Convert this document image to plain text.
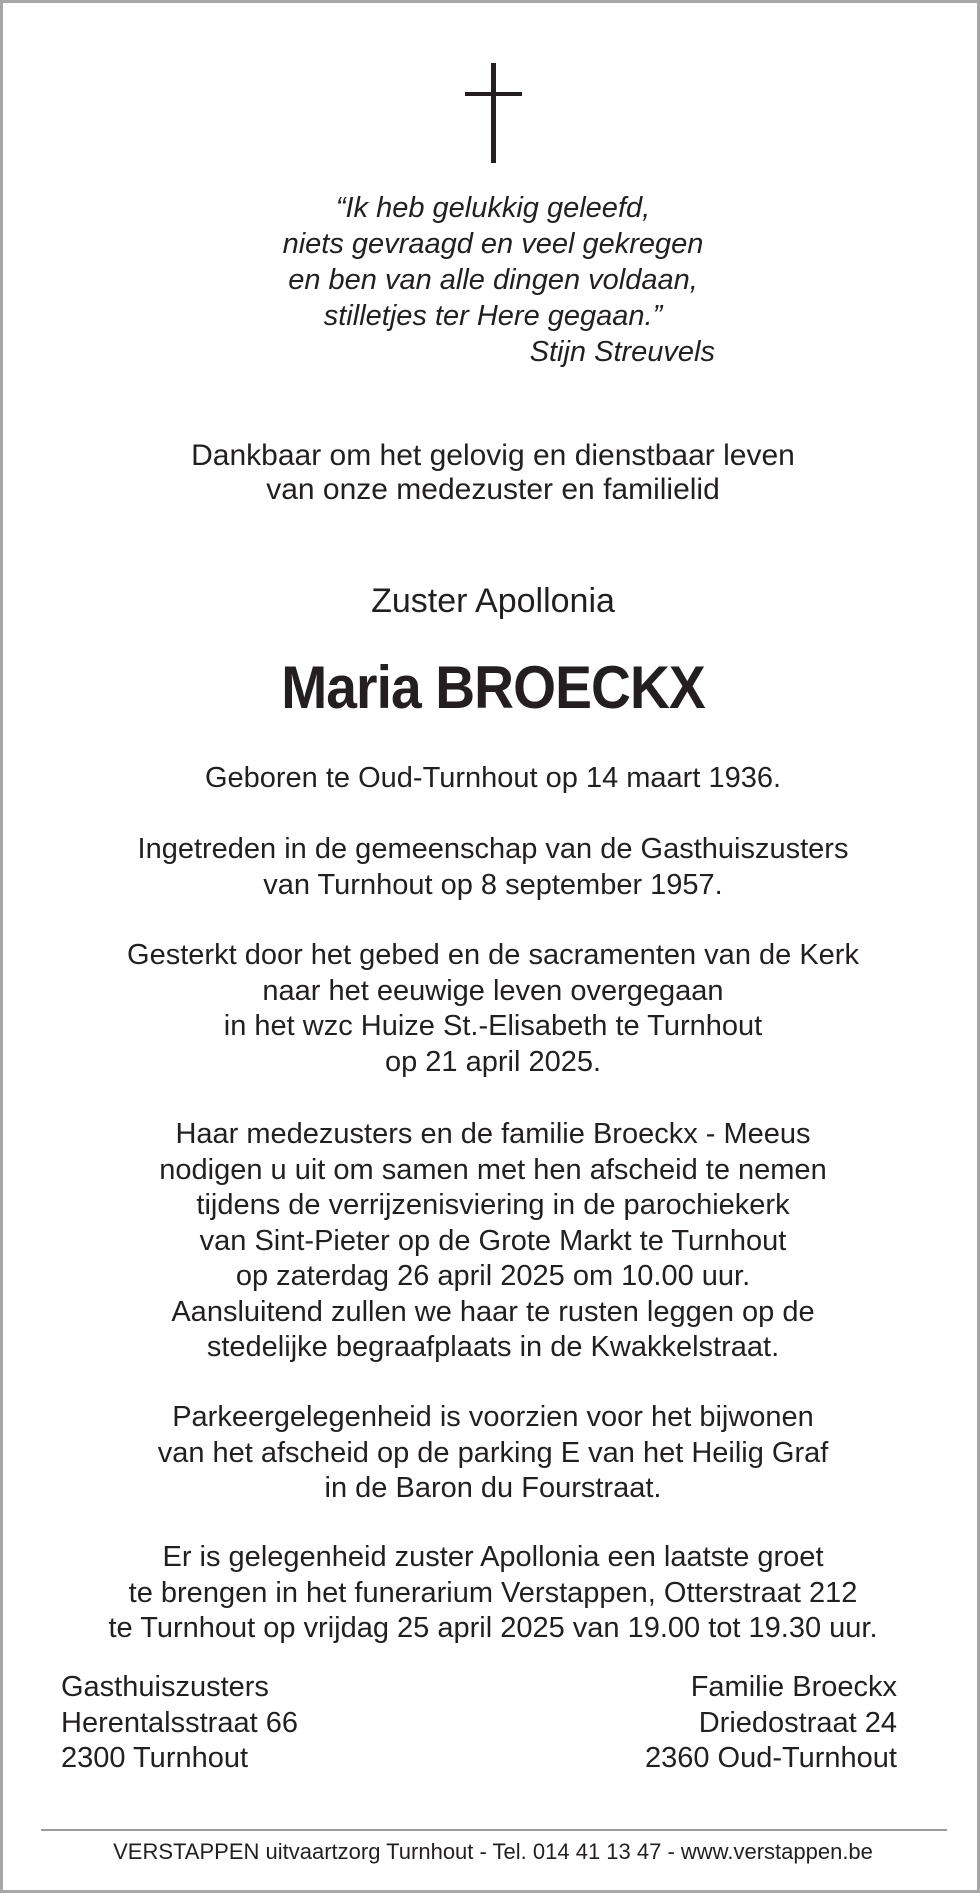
“Ik heb gelukkig geleefd,
niets gevraagd en veel gekregen
en ben van alle dingen voldaan,
stilletjes ter Here gegaan.”
Stijn Streuvels
Dankbaar om het gelovig en dienstbaar leven
van onze medezuster en familielid
Zuster Apollonia
Maria BROECKX
Geboren te Oud-Turnhout op 14 maart 1936.
Ingetreden in de gemeenschap van de Gasthuiszusters
van Turnhout op 8 september 1957.
Gesterkt door het gebed en de sacramenten van de Kerk
naar het eeuwige leven overgegaan
in het wzc Huize St.-Elisabeth te Turnhout
op 21 april 2025.
Haar medezusters en de familie Broeckx - Meeus
nodigen u uit om samen met hen afscheid te nemen
tijdens de verrijzenisviering in de parochiekerk
van Sint-Pieter op de Grote Markt te Turnhout
op zaterdag 26 april 2025 om 10.00 uur.
Aansluitend zullen we haar te rusten leggen op de
stedelijke begraafplaats in de Kwakkelstraat.
Parkeergelegenheid is voorzien voor het bijwonen
van het afscheid op de parking E van het Heilig Graf
in de Baron du Fourstraat.
Er is gelegenheid zuster Apollonia een laatste groet
te brengen in het funerarium Verstappen, Otterstraat 212
te Turnhout op vrijdag 25 april 2025 van 19.00 tot 19.30 uur.
Gasthuiszusters
Herentalsstraat 66
2300 Turnhout
Familie Broeckx
Driedostraat 24
2360 Oud-Turnhout
VERSTAPPEN uitvaartzorg Turnhout - Tel. 014 41 13 47 - www.verstappen.be
